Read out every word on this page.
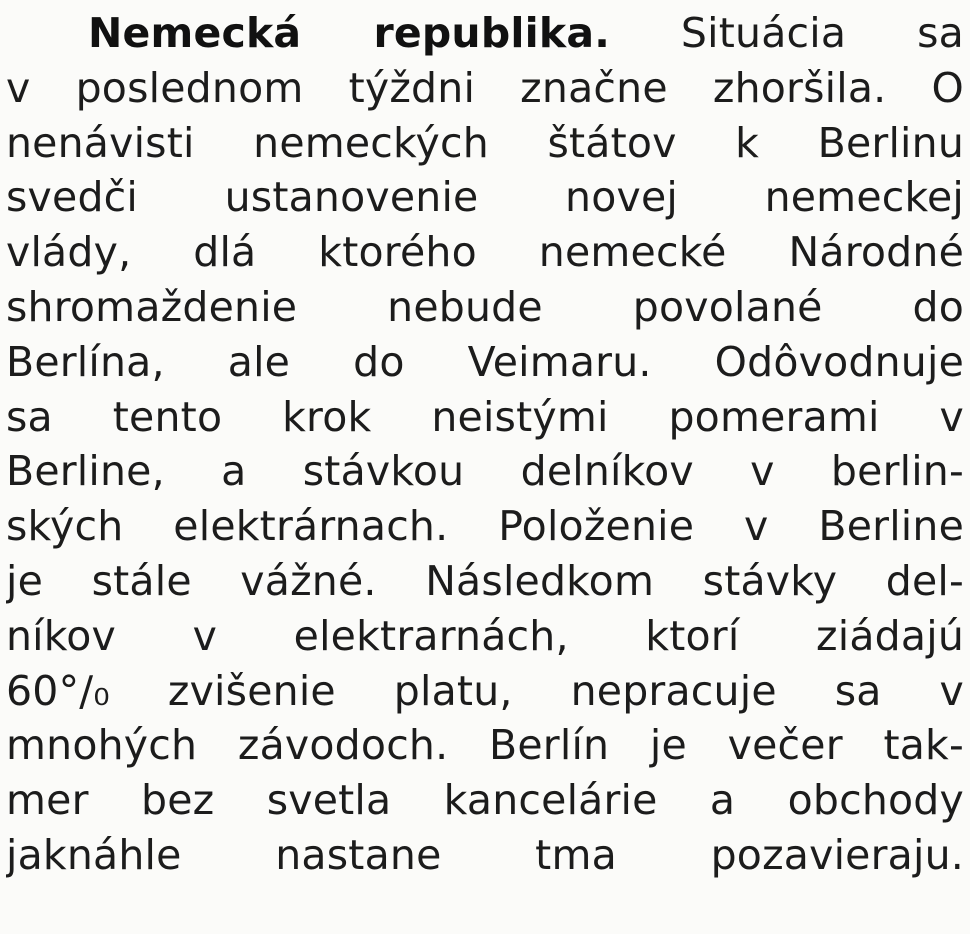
Nemecká republika. Situácia sa
v poslednom týždni značne zhoršila. O
nenávisti nemeckých štátov k Berlinu
svedči ustanovenie novej nemeckej
vlády, dlá ktorého nemecké Národné
shromaždenie nebude povolané do
Berlína, ale do Veimaru. Odôvodnuje
sa tento krok neistými pomerami v
Berline, a stávkou delníkov v berlin-
ských elektrárnach. Položenie v Berline
je stále vážné. Následkom stávky del-
níkov v elektrarnách, ktorí ziádajú
60°/₀ zvišenie platu, nepracuje sa v
mnohých závodoch. Berlín je večer tak-
mer bez svetla kancelárie a obchody
jaknáhle nastane tma pozavieraju.
